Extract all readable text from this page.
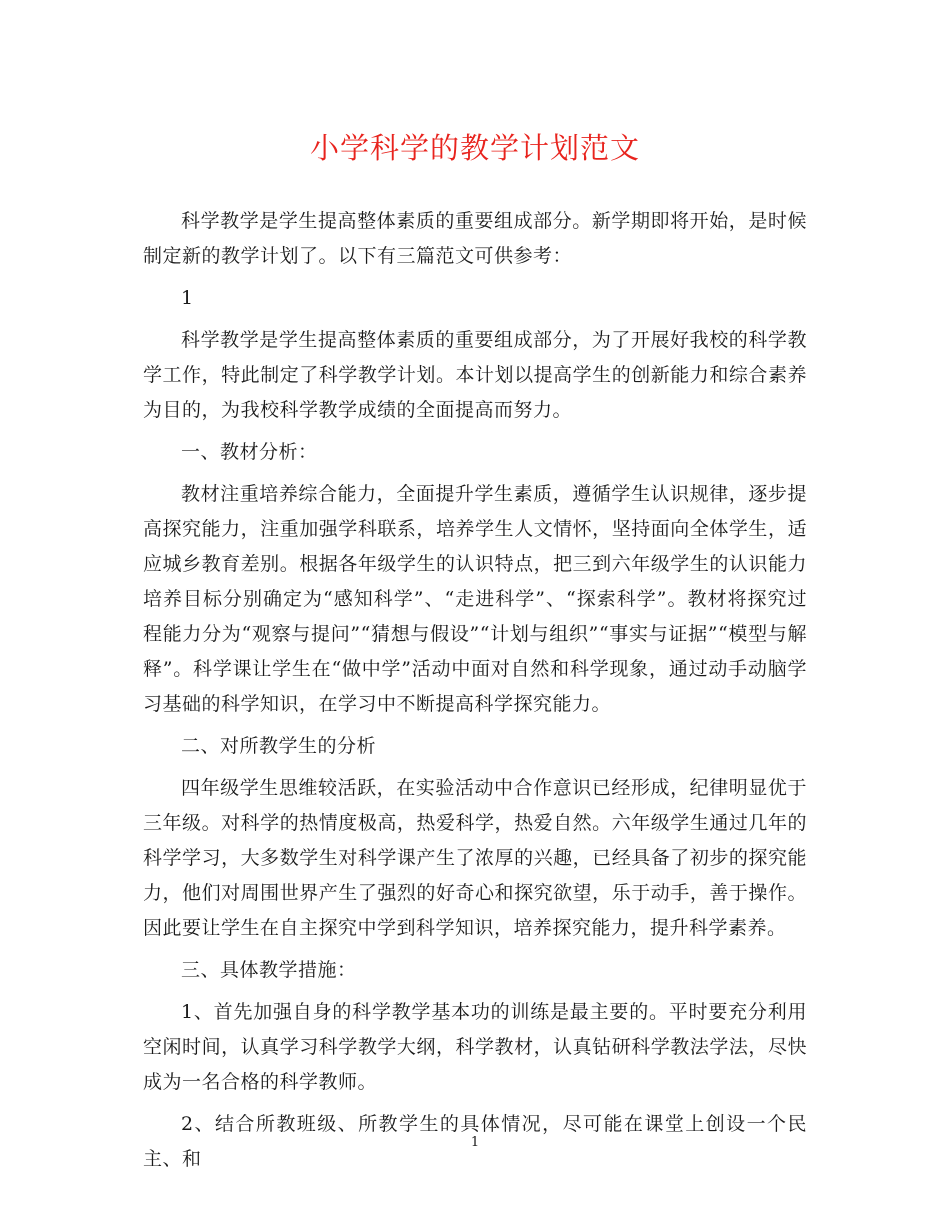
小学科学的教学计划范文

科学教学是学生提高整体素质的重要组成部分。新学期即将开始，是时候制定新的教学计划了。以下有三篇范文可供参考：

1

科学教学是学生提高整体素质的重要组成部分，为了开展好我校的科学教学工作，特此制定了科学教学计划。本计划以提高学生的创新能力和综合素养为目的，为我校科学教学成绩的全面提高而努力。

一、教材分析：

教材注重培养综合能力，全面提升学生素质，遵循学生认识规律，逐步提高探究能力，注重加强学科联系，培养学生人文情怀，坚持面向全体学生，适应城乡教育差别。根据各年级学生的认识特点，把三到六年级学生的认识能力培养目标分别确定为“感知科学”、“走进科学”、“探索科学”。教材将探究过程能力分为“观察与提问”“猜想与假设”“计划与组织”“事实与证据”“模型与解释”。科学课让学生在“做中学”活动中面对自然和科学现象，通过动手动脑学习基础的科学知识，在学习中不断提高科学探究能力。

二、对所教学生的分析

四年级学生思维较活跃，在实验活动中合作意识已经形成，纪律明显优于三年级。对科学的热情度极高，热爱科学，热爱自然。六年级学生通过几年的科学学习，大多数学生对科学课产生了浓厚的兴趣，已经具备了初步的探究能力，他们对周围世界产生了强烈的好奇心和探究欲望，乐于动手，善于操作。因此要让学生在自主探究中学到科学知识，培养探究能力，提升科学素养。

三、具体教学措施：

1、首先加强自身的科学教学基本功的训练是最主要的。平时要充分利用空闲时间，认真学习科学教学大纲，科学教材，认真钻研科学教法学法，尽快成为一名合格的科学教师。

2、结合所教班级、所教学生的具体情况，尽可能在课堂上创设一个民主、和

1
